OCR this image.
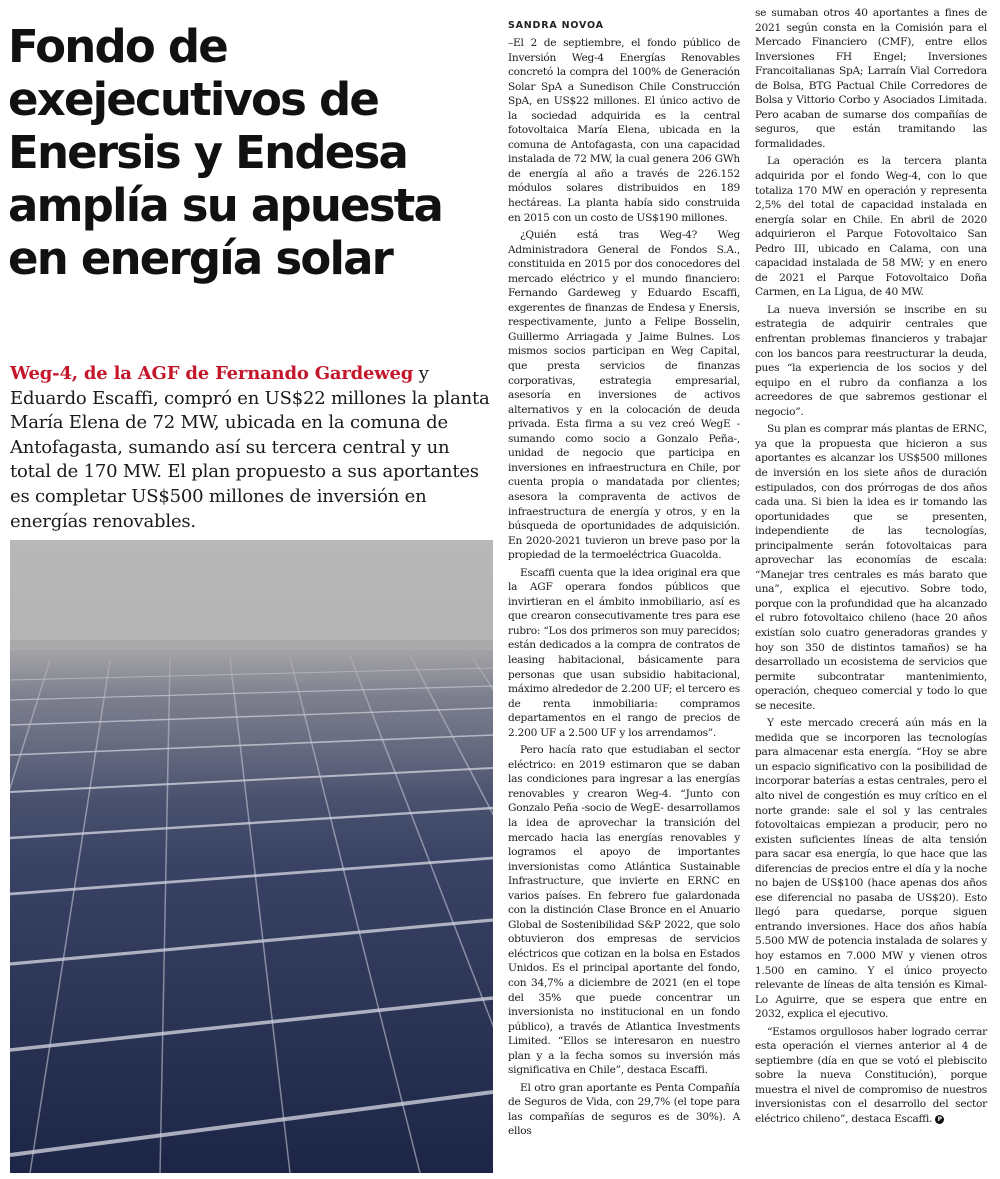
Fondo de exejecutivos de Enersis y Endesa amplía su apuesta en energía solar

Weg-4, de la AGF de Fernando Gardeweg y Eduardo Escaffi, compró en US$22 millones la planta María Elena de 72 MW, ubicada en la comuna de Antofagasta, sumando así su tercera central y un total de 170 MW. El plan propuesto a sus aportantes es completar US$500 millones de inversión en energías renovables.

SANDRA NOVOA

–El 2 de septiembre, el fondo público de Inversión Weg-4 Energías Renovables concretó la compra del 100% de Generación Solar SpA a Sunedison Chile Construcción SpA, en US$22 millones. El único activo de la sociedad adquirida es la central fotovoltaica María Elena, ubicada en la comuna de Antofagasta, con una capacidad instalada de 72 MW, la cual genera 206 GWh de energía al año a través de 226.152 módulos solares distribuidos en 189 hectáreas. La planta había sido construida en 2015 con un costo de US$190 millones.

¿Quién está tras Weg-4? Weg Administradora General de Fondos S.A., constituida en 2015 por dos conocedores del mercado eléctrico y el mundo financiero: Fernando Gardeweg y Eduardo Escaffi, exgerentes de finanzas de Endesa y Enersis, respectivamente, junto a Felipe Bosselin, Guillermo Arriagada y Jaime Bulnes. Los mismos socios participan en Weg Capital, que presta servicios de finanzas corporativas, estrategia empresarial, asesoría en inversiones de activos alternativos y en la colocación de deuda privada. Esta firma a su vez creó WegE -sumando como socio a Gonzalo Peña-, unidad de negocio que participa en inversiones en infraestructura en Chile, por cuenta propia o mandatada por clientes; asesora la compraventa de activos de infraestructura de energía y otros, y en la búsqueda de oportunidades de adquisición. En 2020-2021 tuvieron un breve paso por la propiedad de la termoeléctrica Guacolda.

Escaffi cuenta que la idea original era que la AGF operara fondos públicos que invirtieran en el ámbito inmobiliario, así es que crearon consecutivamente tres para ese rubro: “Los dos primeros son muy parecidos; están dedicados a la compra de contratos de leasing habitacional, básicamente para personas que usan subsidio habitacional, máximo alrededor de 2.200 UF; el tercero es de renta inmobiliaria: compramos departamentos en el rango de precios de 2.200 UF a 2.500 UF y los arrendamos”.

Pero hacía rato que estudiaban el sector eléctrico: en 2019 estimaron que se daban las condiciones para ingresar a las energías renovables y crearon Weg-4. “Junto con Gonzalo Peña -socio de WegE- desarrollamos la idea de aprovechar la transición del mercado hacia las energías renovables y logramos el apoyo de importantes inversionistas como Atlántica Sustainable Infrastructure, que invierte en ERNC en varios países. En febrero fue galardonada con la distinción Clase Bronce en el Anuario Global de Sostenibilidad S&P 2022, que solo obtuvieron dos empresas de servicios eléctricos que cotizan en la bolsa en Estados Unidos. Es el principal aportante del fondo, con 34,7% a diciembre de 2021 (en el tope del 35% que puede concentrar un inversionista no institucional en un fondo público), a través de Atlantica Investments Limited. “Ellos se interesaron en nuestro plan y a la fecha somos su inversión más significativa en Chile”, destaca Escaffi.

El otro gran aportante es Penta Compañía de Seguros de Vida, con 29,7% (el tope para las compañías de seguros es de 30%). A ellos

se sumaban otros 40 aportantes a fines de 2021 según consta en la Comisión para el Mercado Financiero (CMF), entre ellos Inversiones FH Engel; Inversiones Francoitalianas SpA; Larraín Vial Corredora de Bolsa, BTG Pactual Chile Corredores de Bolsa y Vittorio Corbo y Asociados Limitada. Pero acaban de sumarse dos compañías de seguros, que están tramitando las formalidades.

La operación es la tercera planta adquirida por el fondo Weg-4, con lo que totaliza 170 MW en operación y representa 2,5% del total de capacidad instalada en energía solar en Chile. En abril de 2020 adquirieron el Parque Fotovoltaico San Pedro III, ubicado en Calama, con una capacidad instalada de 58 MW; y en enero de 2021 el Parque Fotovoltaico Doña Carmen, en La Ligua, de 40 MW.

La nueva inversión se inscribe en su estrategia de adquirir centrales que enfrentan problemas financieros y trabajar con los bancos para reestructurar la deuda, pues “la experiencia de los socios y del equipo en el rubro da confianza a los acreedores de que sabremos gestionar el negocio”.

Su plan es comprar más plantas de ERNC, ya que la propuesta que hicieron a sus aportantes es alcanzar los US$500 millones de inversión en los siete años de duración estipulados, con dos prórrogas de dos años cada una. Si bien la idea es ir tomando las oportunidades que se presenten, independiente de las tecnologías, principalmente serán fotovoltaicas para aprovechar las economías de escala: “Manejar tres centrales es más barato que una”, explica el ejecutivo. Sobre todo, porque con la profundidad que ha alcanzado el rubro fotovoltaico chileno (hace 20 años existían solo cuatro generadoras grandes y hoy son 350 de distintos tamaños) se ha desarrollado un ecosistema de servicios que permite subcontratar mantenimiento, operación, chequeo comercial y todo lo que se necesite.

Y este mercado crecerá aún más en la medida que se incorporen las tecnologías para almacenar esta energía. “Hoy se abre un espacio significativo con la posibilidad de incorporar baterías a estas centrales, pero el alto nivel de congestión es muy crítico en el norte grande: sale el sol y las centrales fotovoltaicas empiezan a producir, pero no existen suficientes líneas de alta tensión para sacar esa energía, lo que hace que las diferencias de precios entre el día y la noche no bajen de US$100 (hace apenas dos años ese diferencial no pasaba de US$20). Esto llegó para quedarse, porque siguen entrando inversiones. Hace dos años había 5.500 MW de potencia instalada de solares y hoy estamos en 7.000 MW y vienen otros 1.500 en camino. Y el único proyecto relevante de líneas de alta tensión es Kimal-Lo Aguirre, que se espera que entre en 2032, explica el ejecutivo.

“Estamos orgullosos haber logrado cerrar esta operación el viernes anterior al 4 de septiembre (día en que se votó el plebiscito sobre la nueva Constitución), porque muestra el nivel de compromiso de nuestros inversionistas con el desarrollo del sector eléctrico chileno”, destaca Escaffi. P
